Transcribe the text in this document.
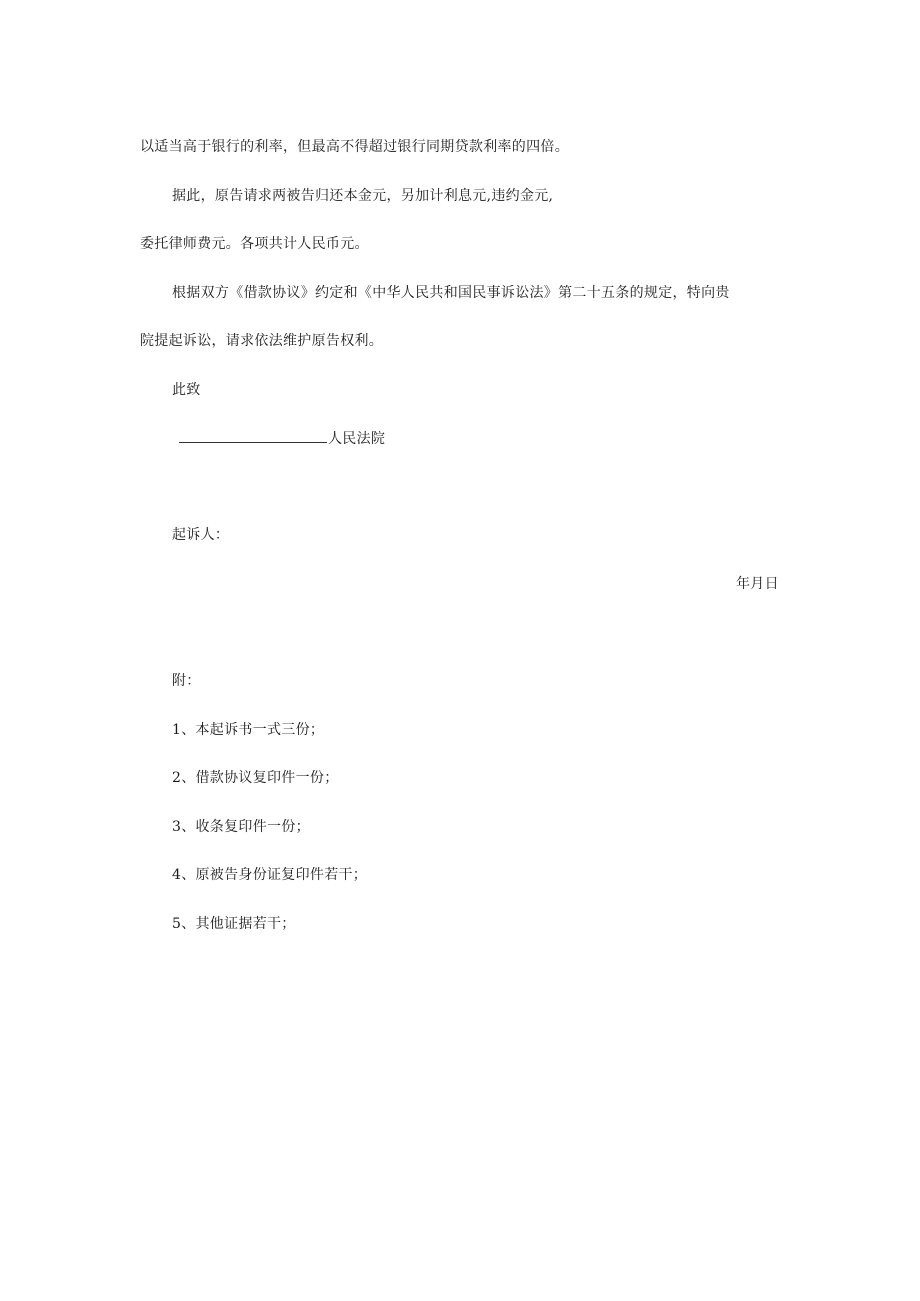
以适当高于银行的利率，但最高不得超过银行同期贷款利率的四倍。
据此，原告请求两被告归还本金元，另加计利息元,违约金元,
委托律师费元。各项共计人民币元。
根据双方《借款协议》约定和《中华人民共和国民事诉讼法》第二十五条的规定，特向贵
院提起诉讼，请求依法维护原告权利。
此致
人民法院
起诉人：
年月日
附：
1、本起诉书一式三份；
2、借款协议复印件一份；
3、收条复印件一份；
4、原被告身份证复印件若干；
5、其他证据若干；
